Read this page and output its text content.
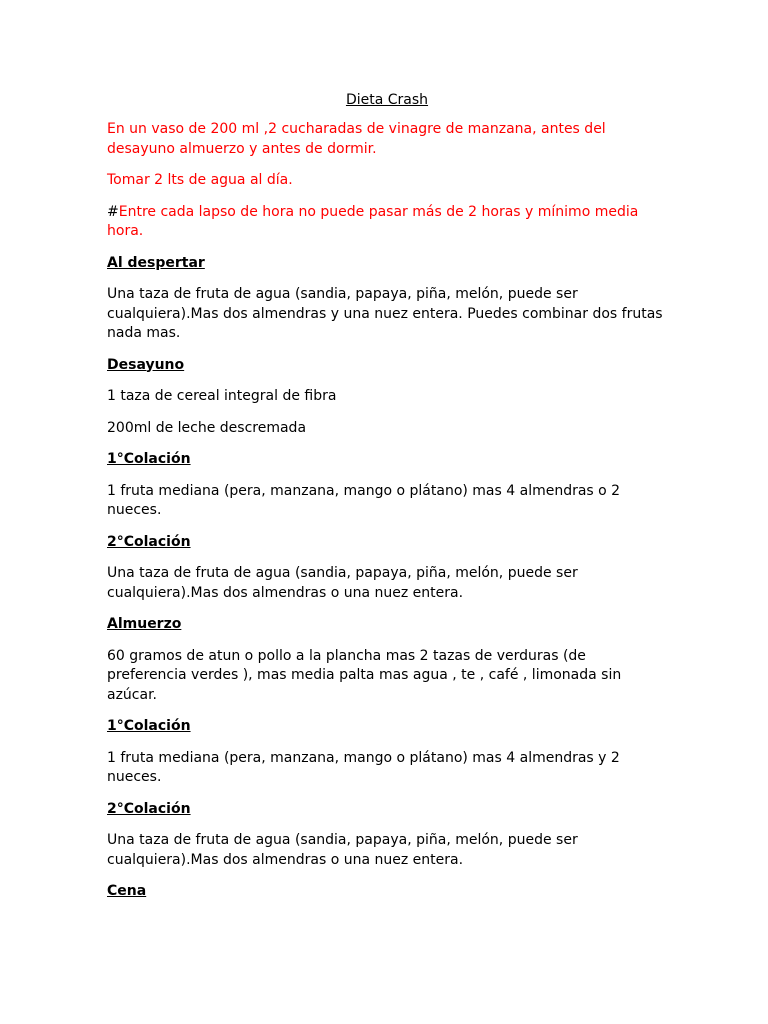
Dieta Crash

En un vaso de 200 ml ,2 cucharadas de vinagre de manzana, antes del desayuno almuerzo y antes de dormir.

Tomar 2 lts de agua al día.

#Entre cada lapso de hora no puede pasar más de 2 horas y mínimo media hora.

Al despertar

Una taza de fruta de agua (sandia, papaya, piña, melón, puede ser cualquiera).Mas dos almendras y una nuez entera. Puedes combinar dos frutas nada mas.

Desayuno

1 taza de cereal integral de fibra

200ml de leche descremada

1°Colación

1 fruta mediana (pera, manzana, mango o plátano) mas 4 almendras o 2 nueces.

2°Colación

Una taza de fruta de agua (sandia, papaya, piña, melón, puede ser cualquiera).Mas dos almendras o una nuez entera.

Almuerzo

60 gramos de atun o pollo a la plancha mas 2 tazas de verduras (de preferencia verdes ), mas media palta mas agua , te , café , limonada sin azúcar.

1°Colación

1 fruta mediana (pera, manzana, mango o plátano) mas 4 almendras y 2 nueces.

2°Colación

Una taza de fruta de agua (sandia, papaya, piña, melón, puede ser cualquiera).Mas dos almendras o una nuez entera.

Cena
